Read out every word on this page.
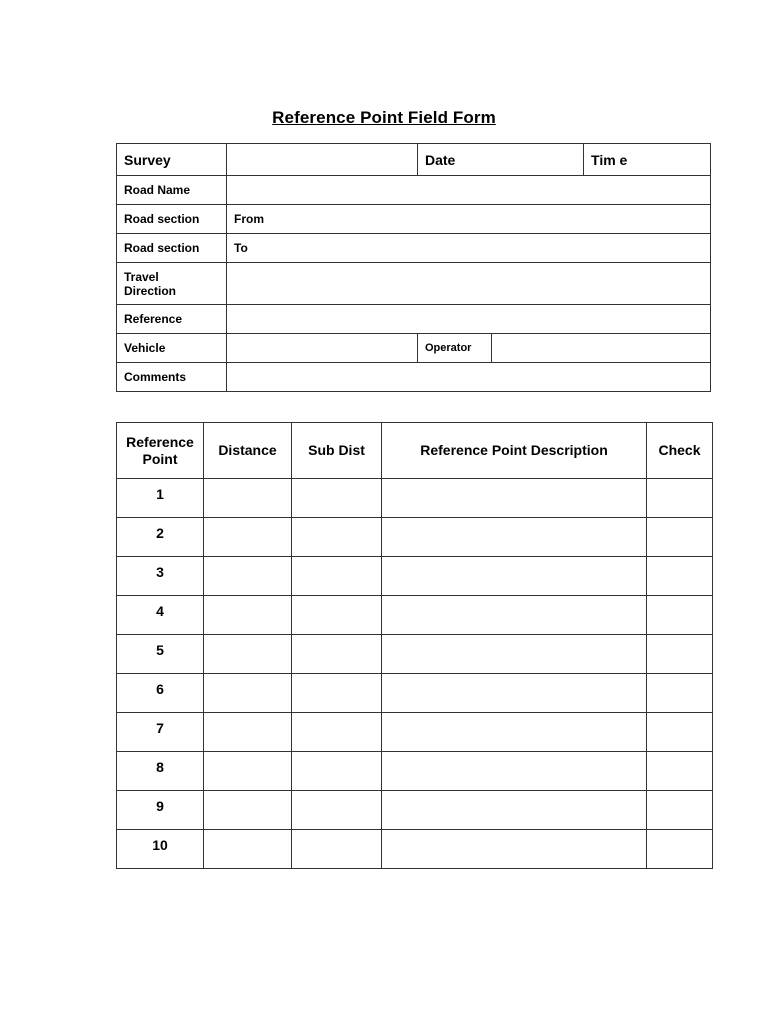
Reference Point Field Form
Survey		Date		Tim e
Road Name				
Road section	From			
Road section	To			

Travel
Direction				

Reference				
Vehicle		Operator		
Comments				
Reference
Point	Distance	Sub Dist	Reference Point Description	Check
1				
2				
3				
4				
5				
6				
7				
8				
9				
10				
